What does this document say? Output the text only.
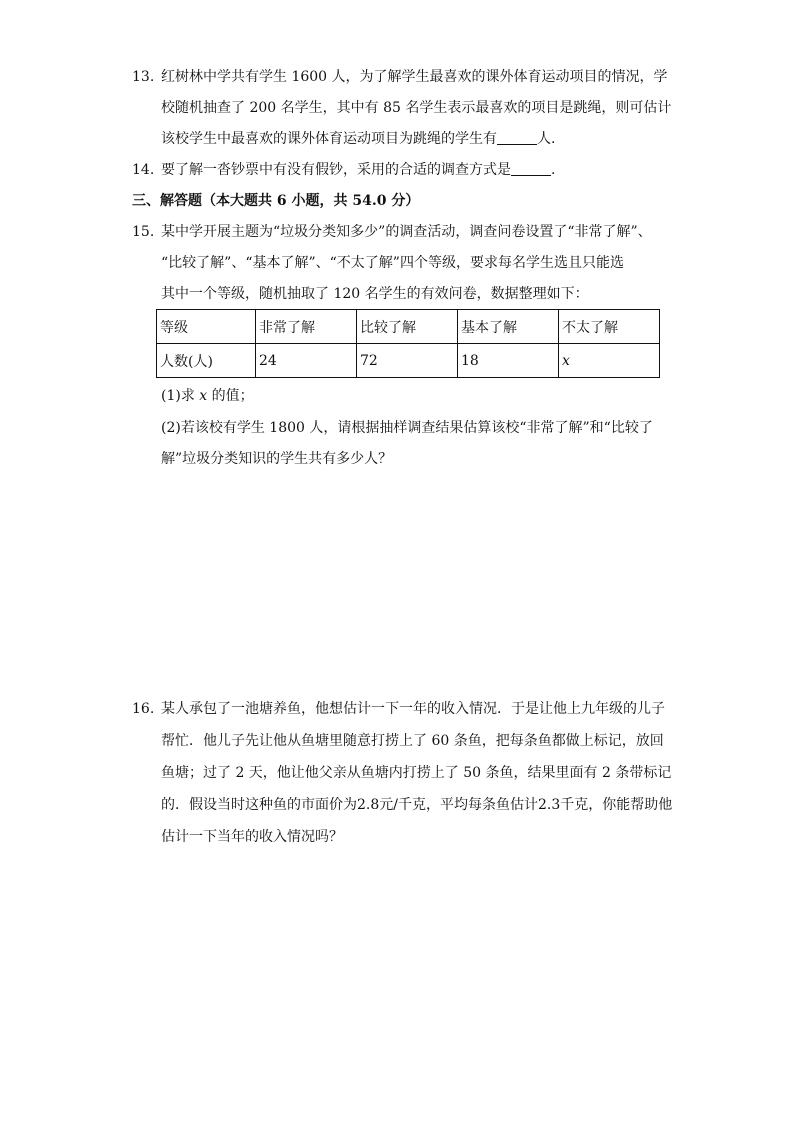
13. 红树林中学共有学生 1600 人，为了解学生最喜欢的课外体育运动项目的情况，学
校随机抽查了 200 名学生，其中有 85 名学生表示最喜欢的项目是跳绳，则可估计
该校学生中最喜欢的课外体育运动项目为跳绳的学生有	人.
14. 要了解一沓钞票中有没有假钞，采用的合适的调查方式是	.
三、解答题（本大题共 6 小题，共 54.0 分）
15. 某中学开展主题为“垃圾分类知多少”的调查活动，调查问卷设置了“非常了解”、
“比较了解”、“基本了解”、“不太了解”四个等级，要求每名学生选且只能选
其中一个等级，随机抽取了 120 名学生的有效问卷，数据整理如下：
等级	非常了解	比较了解	基本了解	不太了解
人数(人)	24	72	18	x
(1)求 x 的值；
(2)若该校有学生 1800 人，请根据抽样调查结果估算该校“非常了解”和“比较了
解”垃圾分类知识的学生共有多少人？
16. 某人承包了一池塘养鱼，他想估计一下一年的收入情况．于是让他上九年级的儿子
帮忙．他儿子先让他从鱼塘里随意打捞上了 60 条鱼，把每条鱼都做上标记，放回
鱼塘；过了 2 天，他让他父亲从鱼塘内打捞上了 50 条鱼，结果里面有 2 条带标记
的．假设当时这种鱼的市面价为2.8元/千克，平均每条鱼估计2.3千克，你能帮助他
估计一下当年的收入情况吗？
